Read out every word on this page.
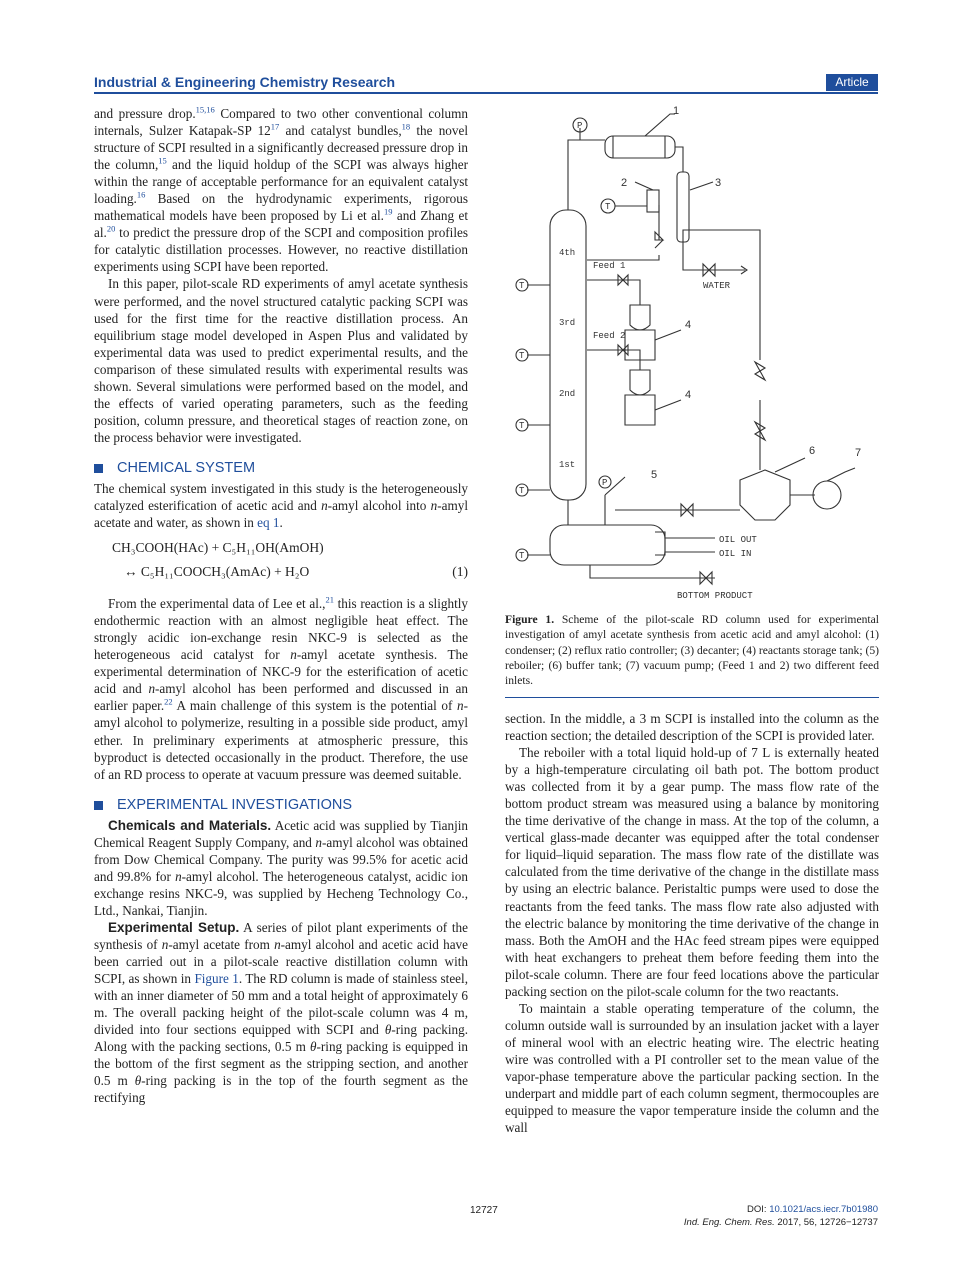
Industrial & Engineering Chemistry Research	Article

and pressure drop.$^{15,16}$ Compared to two other conventional column internals, Sulzer Katapak-SP $12^{17}$ and catalyst bundles,$^{18}$ the novel structure of SCPI resulted in a significantly decreased pressure drop in the column,$^{15}$ and the liquid holdup of the SCPI was always higher within the range of acceptable performance for an equivalent catalyst loading.$^{16}$ Based on the hydrodynamic experiments, rigorous mathematical models have been proposed by Li et al.$^{19}$ and Zhang et al.$^{20}$ to predict the pressure drop of the SCPI and composition profiles for catalytic distillation processes. However, no reactive distillation experiments using SCPI have been reported.

In this paper, pilot-scale RD experiments of amyl acetate synthesis were performed, and the novel structured catalytic packing SCPI was used for the first time for the reactive distillation process. An equilibrium stage model developed in Aspen Plus and validated by experimental data was used to predict experimental results, and the comparison of these simulated results with experimental results was shown. Several simulations were performed based on the model, and the effects of varied operating parameters, such as the feeding position, column pressure, and theoretical stages of reaction zone, on the process behavior were investigated.

CHEMICAL SYSTEM

The chemical system investigated in this study is the heterogeneously catalyzed esterification of acetic acid and n-amyl alcohol into n-amyl acetate and water, as shown in eq 1.

CH₃COOH(HAc) + C₅H₁₁OH(AmOH)
↔ C₅H₁₁COOCH₃(AmAc) + H₂O	(1)

From the experimental data of Lee et al.,$^{21}$ this reaction is a slightly endothermic reaction with an almost negligible heat effect. The strongly acidic ion-exchange resin NKC-9 is selected as the heterogeneous acid catalyst for n-amyl acetate synthesis. The experimental determination of NKC-9 for the esterification of acetic acid and n-amyl alcohol has been performed and discussed in an earlier paper.$^{22}$ A main challenge of this system is the potential of n-amyl alcohol to polymerize, resulting in a possible side product, amyl ether. In preliminary experiments at atmospheric pressure, this byproduct is detected occasionally in the product. Therefore, the use of an RD process to operate at vacuum pressure was deemed suitable.

EXPERIMENTAL INVESTIGATIONS

Chemicals and Materials. Acetic acid was supplied by Tianjin Chemical Reagent Supply Company, and n-amyl alcohol was obtained from Dow Chemical Company. The purity was 99.5% for acetic acid and 99.8% for n-amyl alcohol. The heterogeneous catalyst, acidic ion exchange resins NKC-9, was supplied by Hecheng Technology Co., Ltd., Nankai, Tianjin.

Experimental Setup. A series of pilot plant experiments of the synthesis of n-amyl acetate from n-amyl alcohol and acetic acid have been carried out in a pilot-scale reactive distillation column with SCPI, as shown in Figure 1. The RD column is made of stainless steel, with an inner diameter of 50 mm and a total height of approximately 6 m. The overall packing height of the pilot-scale column was 4 m, divided into four sections equipped with SCPI and θ-ring packing. Along with the packing sections, 0.5 m θ-ring packing is equipped in the bottom of the first segment as the stripping section, and another 0.5 m θ-ring packing is in the top of the fourth segment as the rectifying

1
2	3
4
4
5
6	7
4th
3rd
2nd
1st
Feed 1
Feed 2
WATER
OIL OUT
OIL IN
BOTTOM PRODUCT
P
T
T
T
T
T
T
P
Figure 1. Scheme of the pilot-scale RD column used for experimental investigation of amyl acetate synthesis from acetic acid and amyl alcohol: (1) condenser; (2) reflux ratio controller; (3) decanter; (4) reactants storage tank; (5) reboiler; (6) buffer tank; (7) vacuum pump; (Feed 1 and 2) two different feed inlets.

section. In the middle, a 3 m SCPI is installed into the column as the reaction section; the detailed description of the SCPI is provided later.

The reboiler with a total liquid hold-up of 7 L is externally heated by a high-temperature circulating oil bath pot. The bottom product was collected from it by a gear pump. The mass flow rate of the bottom product stream was measured using a balance by monitoring the time derivative of the change in mass. At the top of the column, a vertical glass-made decanter was equipped after the total condenser for liquid–liquid separation. The mass flow rate of the distillate was calculated from the time derivative of the change in the distillate mass by using an electric balance. Peristaltic pumps were used to dose the reactants from the feed tanks. The mass flow rate also adjusted with the electric balance by monitoring the time derivative of the change in mass. Both the AmOH and the HAc feed stream pipes were equipped with heat exchangers to preheat them before feeding them into the pilot-scale column. There are four feed locations above the particular packing section on the pilot-scale column for the two reactants.

To maintain a stable operating temperature of the column, the column outside wall is surrounded by an insulation jacket with a layer of mineral wool with an electric heating wire. The electric heating wire was controlled with a PI controller set to the mean value of the vapor-phase temperature above the particular packing section. In the underpart and middle part of each column segment, thermocouples are equipped to measure the vapor temperature inside the column and the wall

12727	DOI: 10.1021/acs.iecr.7b01980
Ind. Eng. Chem. Res. 2017, 56, 12726−12737
